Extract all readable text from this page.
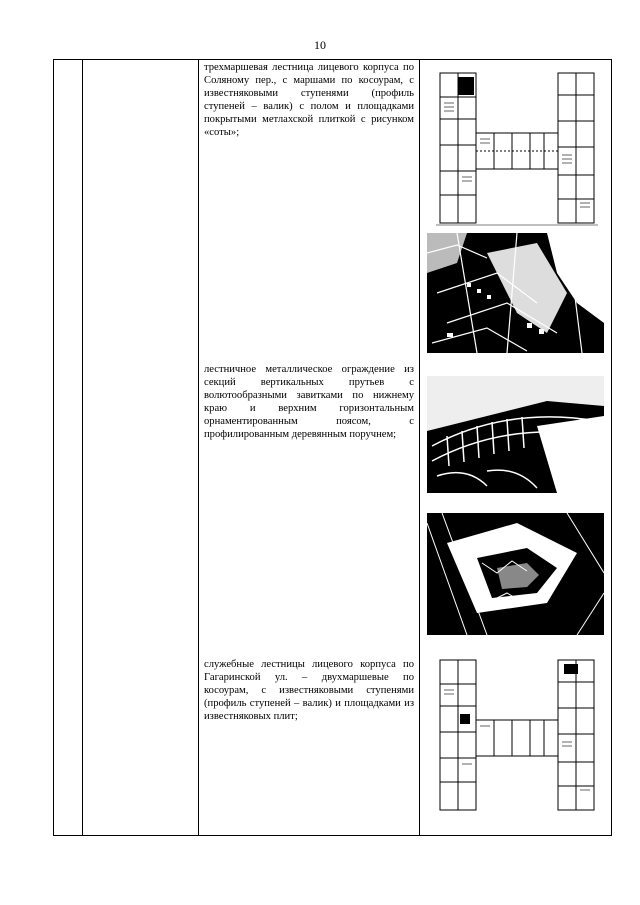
10

трехмаршевая лестница лицевого корпуса по Соляному пер., с маршами по косоурам, с известняковыми ступенями (профиль ступеней – валик) с полом и площадками покрытыми метлахской плиткой с рисунком «соты»;
лестничное металлическое ограждение из секций вертикальных прутьев с волютообразными завитками по нижнему краю и верхним горизонтальным орнаментированным поясом, с профилированным деревянным поручнем;
служебные лестницы лицевого корпуса по Гагаринской ул. – двухмаршевые по косоурам, с известняковыми ступенями (профиль ступеней – валик) и площадками из известняковых плит;
